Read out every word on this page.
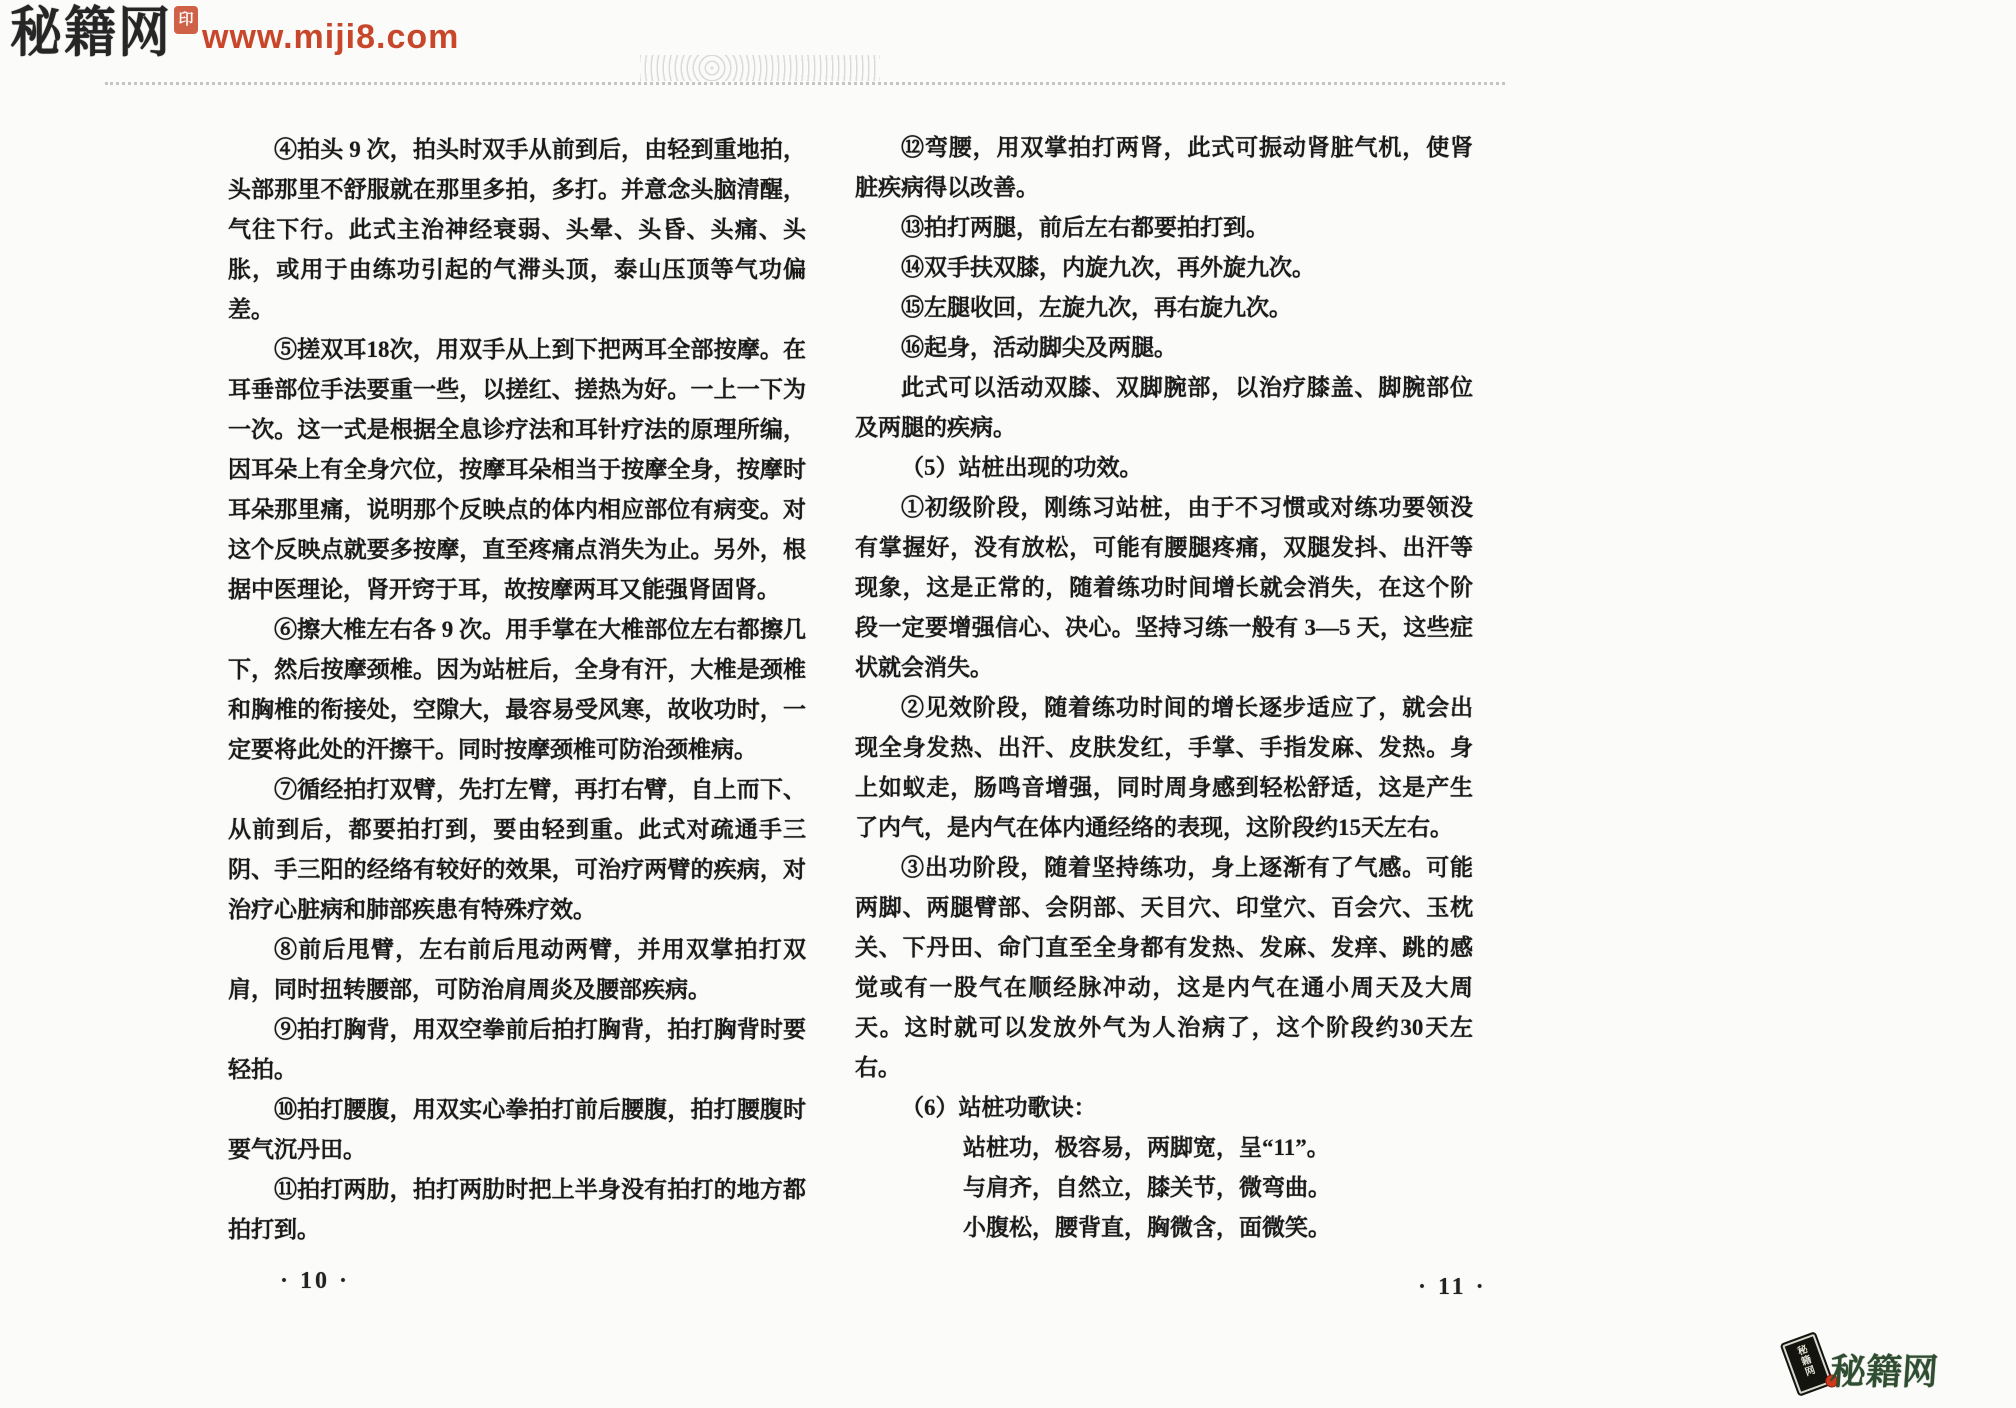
秘籍网 印 www.miji8.com

④拍头 9 次，拍头时双手从前到后，由轻到重地拍，头部那里不舒服就在那里多拍，多打。并意念头脑清醒，气往下行。此式主治神经衰弱、头晕、头昏、头痛、头胀，或用于由练功引起的气滞头顶，泰山压顶等气功偏差。

⑤搓双耳18次，用双手从上到下把两耳全部按摩。在耳垂部位手法要重一些，以搓红、搓热为好。一上一下为一次。这一式是根据全息诊疗法和耳针疗法的原理所编，因耳朵上有全身穴位，按摩耳朵相当于按摩全身，按摩时耳朵那里痛，说明那个反映点的体内相应部位有病变。对这个反映点就要多按摩，直至疼痛点消失为止。另外，根据中医理论，肾开窍于耳，故按摩两耳又能强肾固肾。

⑥擦大椎左右各 9 次。用手掌在大椎部位左右都擦几下，然后按摩颈椎。因为站桩后，全身有汗，大椎是颈椎和胸椎的衔接处，空隙大，最容易受风寒，故收功时，一定要将此处的汗擦干。同时按摩颈椎可防治颈椎病。

⑦循经拍打双臂，先打左臂，再打右臂，自上而下、从前到后，都要拍打到，要由轻到重。此式对疏通手三阴、手三阳的经络有较好的效果，可治疗两臂的疾病，对治疗心脏病和肺部疾患有特殊疗效。

⑧前后甩臂，左右前后甩动两臂，并用双掌拍打双肩，同时扭转腰部，可防治肩周炎及腰部疾病。

⑨拍打胸背，用双空拳前后拍打胸背，拍打胸背时要轻拍。

⑩拍打腰腹，用双实心拳拍打前后腰腹，拍打腰腹时要气沉丹田。

⑪拍打两肋，拍打两肋时把上半身没有拍打的地方都拍打到。

⑫弯腰，用双掌拍打两肾，此式可振动肾脏气机，使肾脏疾病得以改善。

⑬拍打两腿，前后左右都要拍打到。

⑭双手扶双膝，内旋九次，再外旋九次。

⑮左腿收回，左旋九次，再右旋九次。

⑯起身，活动脚尖及两腿。

此式可以活动双膝、双脚腕部，以治疗膝盖、脚腕部位及两腿的疾病。

（5）站桩出现的功效。

①初级阶段，刚练习站桩，由于不习惯或对练功要领没有掌握好，没有放松，可能有腰腿疼痛，双腿发抖、出汗等现象，这是正常的，随着练功时间增长就会消失，在这个阶段一定要增强信心、决心。坚持习练一般有 3—5 天，这些症状就会消失。

②见效阶段，随着练功时间的增长逐步适应了，就会出现全身发热、出汗、皮肤发红，手掌、手指发麻、发热。身上如蚁走，肠鸣音增强，同时周身感到轻松舒适，这是产生了内气，是内气在体内通经络的表现，这阶段约15天左右。

③出功阶段，随着坚持练功，身上逐渐有了气感。可能两脚、两腿臂部、会阴部、天目穴、印堂穴、百会穴、玉枕关、下丹田、命门直至全身都有发热、发麻、发痒、跳的感觉或有一股气在顺经脉冲动，这是内气在通小周天及大周天。这时就可以发放外气为人治病了，这个阶段约30天左右。

（6）站桩功歌诀：

站桩功，极容易，两脚宽，呈“11”。

与肩齐，自然立，膝关节，微弯曲。

小腹松，腰背直，胸微含，面微笑。

· 10 ·	· 11 ·
秘籍网 秘籍网
